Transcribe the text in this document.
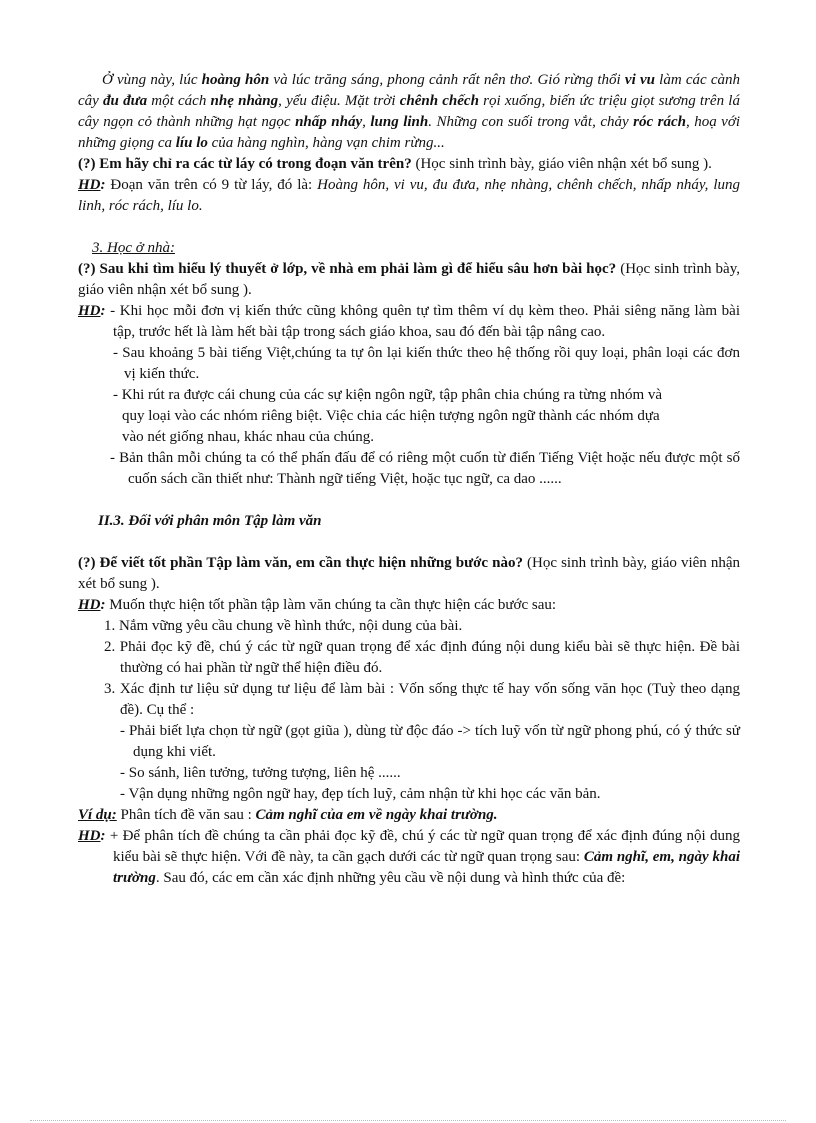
Ở vùng này, lúc hoàng hôn và lúc trăng sáng, phong cảnh rất nên thơ. Gió rừng thổi vi vu làm các cành cây đu đưa một cách nhẹ nhàng, yểu điệu. Mặt trời chênh chếch rọi xuống, biến ức triệu giọt sương trên lá cây ngọn cỏ thành những hạt ngọc nhấp nháy, lung linh. Những con suối trong vắt, chảy róc rách, hoạ với những giọng ca líu lo của hàng nghìn, hàng vạn chim rừng...

(?) Em hãy chỉ ra các từ láy có trong đoạn văn trên? (Học sinh trình bày, giáo viên nhận xét bổ sung ).

HD: Đoạn văn trên có 9 từ láy, đó là: Hoàng hôn, vi vu, đu đưa, nhẹ nhàng, chênh chếch, nhấp nháy, lung linh, róc rách, líu lo.

3. Học ở nhà:

(?) Sau khi tìm hiểu lý thuyết ở lớp, về nhà em phải làm gì để hiểu sâu hơn bài học? (Học sinh trình bày, giáo viên nhận xét bổ sung ).

HD: - Khi học mỗi đơn vị kiến thức cũng không quên tự tìm thêm ví dụ kèm theo. Phải siêng năng làm bài tập, trước hết là làm hết bài tập trong sách giáo khoa, sau đó đến bài tập nâng cao.

- Sau khoảng 5 bài tiếng Việt,chúng ta tự ôn lại kiến thức theo hệ thống rồi quy loại, phân loại các đơn vị kiến thức.

- Khi rút ra được cái chung của các sự kiện ngôn ngữ, tập phân chia chúng ra từng nhóm và

quy loại vào các nhóm riêng biệt. Việc chia các hiện tượng ngôn ngữ thành các nhóm dựa

vào nét giống nhau, khác nhau của chúng.

- Bản thân mỗi chúng ta có thể phấn đấu để có riêng một cuốn từ điển Tiếng Việt hoặc nếu được một số cuốn sách cần thiết như: Thành ngữ tiếng Việt, hoặc tục ngữ, ca dao ......

II.3. Đối với phân môn Tập làm văn

(?) Để viết tốt phần Tập làm văn, em cần thực hiện những bước nào? (Học sinh trình bày, giáo viên nhận xét bổ sung ).

HD: Muốn thực hiện tốt phần tập làm văn chúng ta cần thực hiện các bước sau:

1. Nắm vững yêu cầu chung về hình thức, nội dung của bài.

2. Phải đọc kỹ đề, chú ý các từ ngữ quan trọng để xác định đúng nội dung kiểu bài sẽ thực hiện. Đề bài thường có hai phần từ ngữ thể hiện điều đó.

3. Xác định tư liệu sử dụng tư liệu để làm bài : Vốn sống thực tế hay vốn sống văn học (Tuỳ theo dạng đề). Cụ thể :

- Phải biết lựa chọn từ ngữ (gọt giũa ), dùng từ độc đáo -> tích luỹ vốn từ ngữ phong phú, có ý thức sử dụng khi viết.

- So sánh, liên tưởng, tưởng tượng, liên hệ ......

- Vận dụng những ngôn ngữ hay, đẹp tích luỹ, cảm nhận từ khi học các văn bản.

Ví dụ: Phân tích đề văn sau : Cảm nghĩ của em về ngày khai trường.

HD: + Để phân tích đề chúng ta cần phải đọc kỹ đề, chú ý các từ ngữ quan trọng để xác định đúng nội dung kiểu bài sẽ thực hiện. Với đề này, ta cần gạch dưới các từ ngữ quan trọng sau: Cảm nghĩ, em, ngày khai trường. Sau đó, các em cần xác định những yêu cầu về nội dung và hình thức của đề:
